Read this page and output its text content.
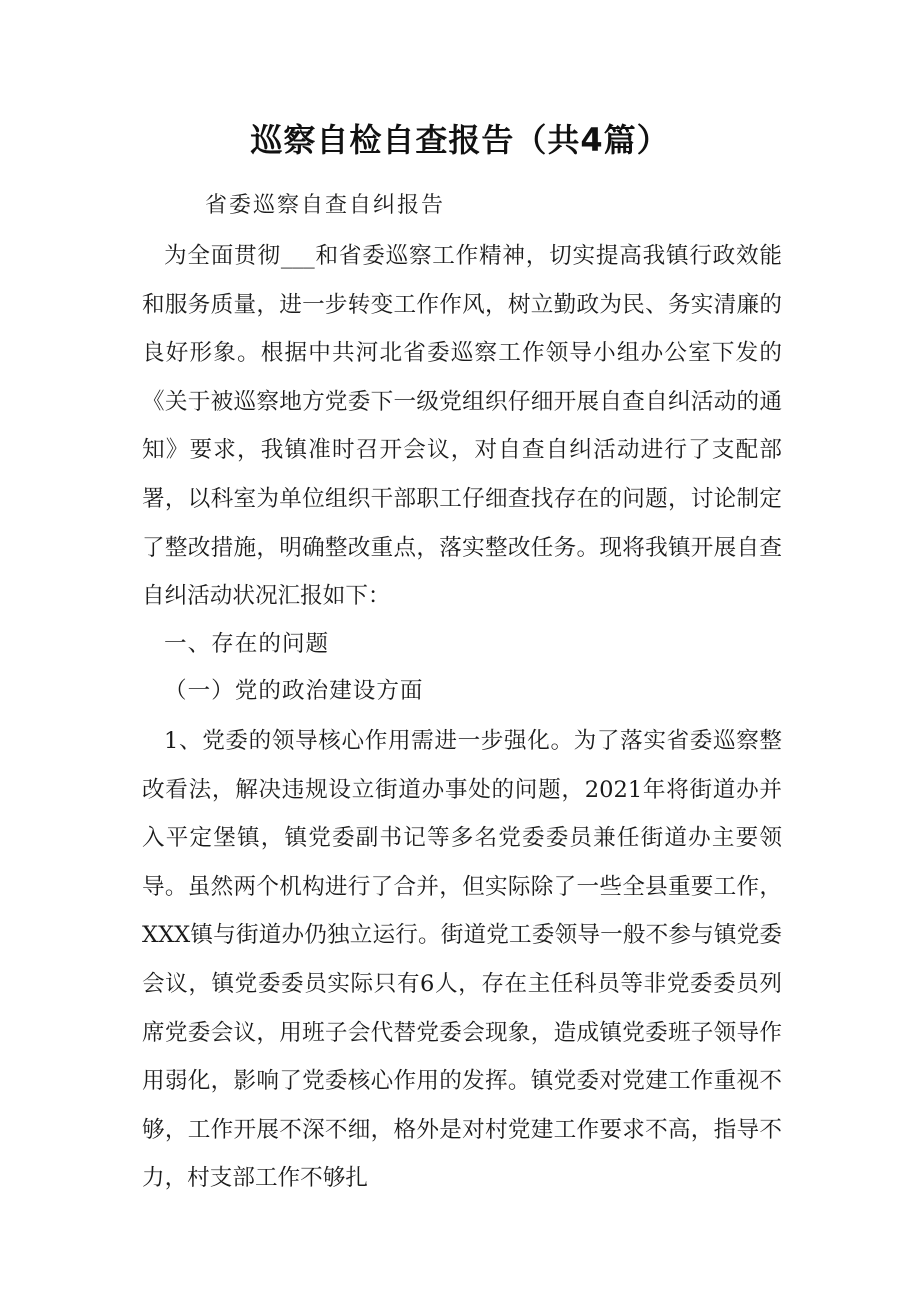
巡察自检自查报告（共4篇）
省委巡察自查自纠报告
为全面贯彻___和省委巡察工作精神，切实提高我镇行政效能和服务质量，进一步转变工作作风，树立勤政为民、务实清廉的良好形象。根据中共河北省委巡察工作领导小组办公室下发的《关于被巡察地方党委下一级党组织仔细开展自查自纠活动的通知》要求，我镇准时召开会议，对自查自纠活动进行了支配部署，以科室为单位组织干部职工仔细查找存在的问题，讨论制定了整改措施，明确整改重点，落实整改任务。现将我镇开展自查自纠活动状况汇报如下：
一、存在的问题
（一）党的政治建设方面
1、党委的领导核心作用需进一步强化。为了落实省委巡察整改看法，解决违规设立街道办事处的问题，2021年将街道办并入平定堡镇，镇党委副书记等多名党委委员兼任街道办主要领导。虽然两个机构进行了合并，但实际除了一些全县重要工作，XXX镇与街道办仍独立运行。街道党工委领导一般不参与镇党委会议，镇党委委员实际只有6人，存在主任科员等非党委委员列席党委会议，用班子会代替党委会现象，造成镇党委班子领导作用弱化，影响了党委核心作用的发挥。镇党委对党建工作重视不够，工作开展不深不细，格外是对村党建工作要求不高，指导不力，村支部工作不够扎
